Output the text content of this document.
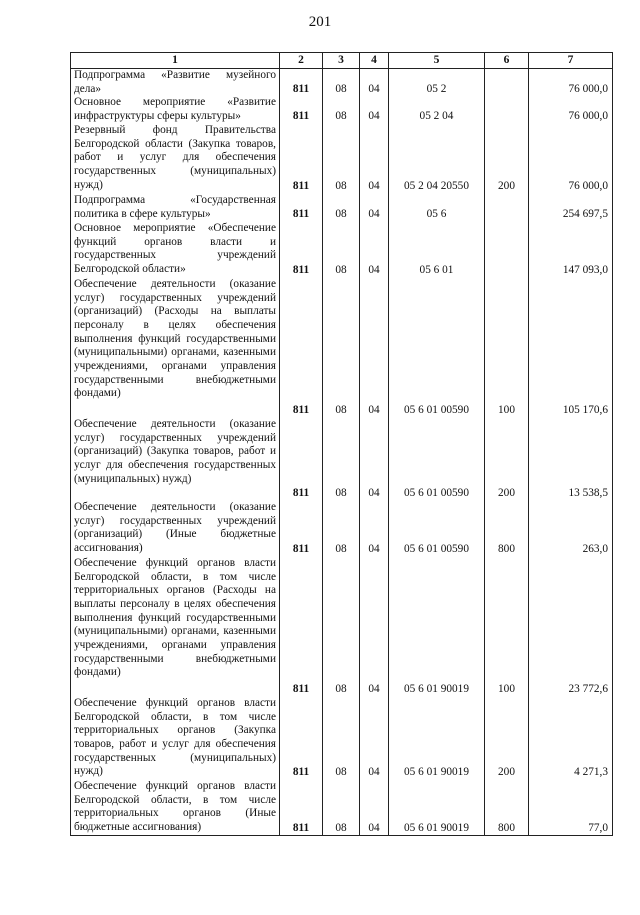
201
1	2	3	4	5	6	7
Подпрограмма «Развитие музейного дела»	811	08	04	05 2		76 000,0
Основное мероприятие «Развитие инфраструктуры сферы культуры»	811	08	04	05 2 04		76 000,0
Резервный фонд Правительства Белгородской области (Закупка товаров, работ и услуг для обеспечения государственных (муниципальных) нужд)	811	08	04	05 2 04 20550	200	76 000,0
Подпрограмма «Государственная политика в сфере культуры»	811	08	04	05 6		254 697,5
Основное мероприятие «Обеспечение функций органов власти и государственных учреждений Белгородской области»	811	08	04	05 6 01		147 093,0
Обеспечение деятельности (оказание услуг) государственных учреждений (организаций) (Расходы на выплаты персоналу в целях обеспечения выполнения функций государственными (муниципальными) органами, казенными учреждениями, органами управления государственными внебюджетными фондами)	811	08	04	05 6 01 00590	100	105 170,6
Обеспечение деятельности (оказание услуг) государственных учреждений (организаций) (Закупка товаров, работ и услуг для обеспечения государственных (муниципальных) нужд)	811	08	04	05 6 01 00590	200	13 538,5
Обеспечение деятельности (оказание услуг) государственных учреждений (организаций) (Иные бюджетные ассигнования)	811	08	04	05 6 01 00590	800	263,0
Обеспечение функций органов власти Белгородской области, в том числе территориальных органов (Расходы на выплаты персоналу в целях обеспечения выполнения функций государственными (муниципальными) органами, казенными учреждениями, органами управления государственными внебюджетными фондами)	811	08	04	05 6 01 90019	100	23 772,6
Обеспечение функций органов власти Белгородской области, в том числе территориальных органов (Закупка товаров, работ и услуг для обеспечения государственных (муниципальных) нужд)	811	08	04	05 6 01 90019	200	4 271,3
Обеспечение функций органов власти Белгородской области, в том числе территориальных органов (Иные бюджетные ассигнования)	811	08	04	05 6 01 90019	800	77,0
